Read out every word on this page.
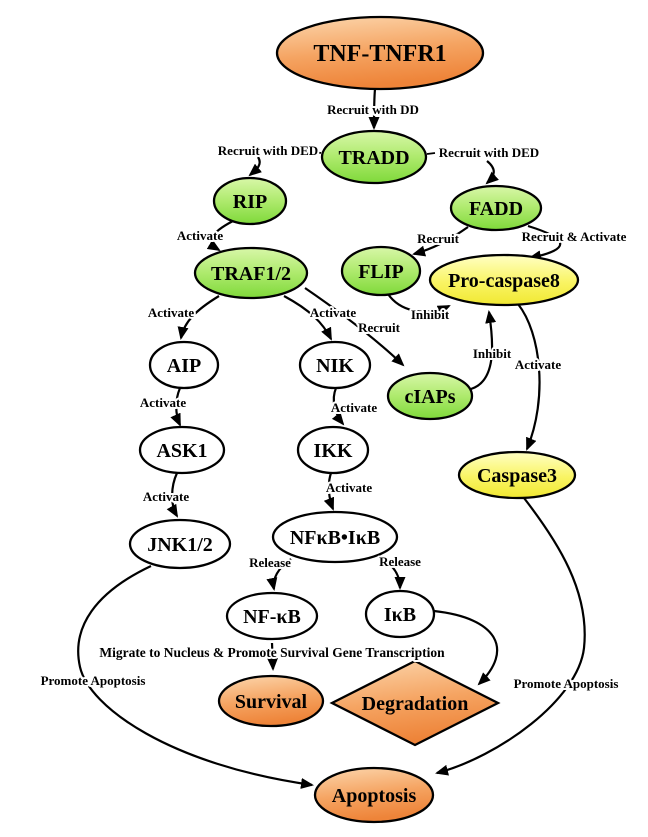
TNF-TNFR1
TRADD
RIP	FADD
TRAF1/2	FLIP Pro-caspase8
AIP	NIK
cIAPs
ASK1	IKK
Caspase3
JNK1/2	NFκB•IκB
NF-κB	IκB
Survival	Degradation
Apoptosis
Recruit with DD
Recruit with DED	Recruit with DED
Activate	Recruit	Recruit & Activate
Inhibit
Activate	Activate
Recruit
Inhibit
Activate
Activate	Activate
Activate
Activate
Release	Release
Migrate to Nucleus & Promote Survival Gene Transcription
Promote Apoptosis	Promote Apoptosis
